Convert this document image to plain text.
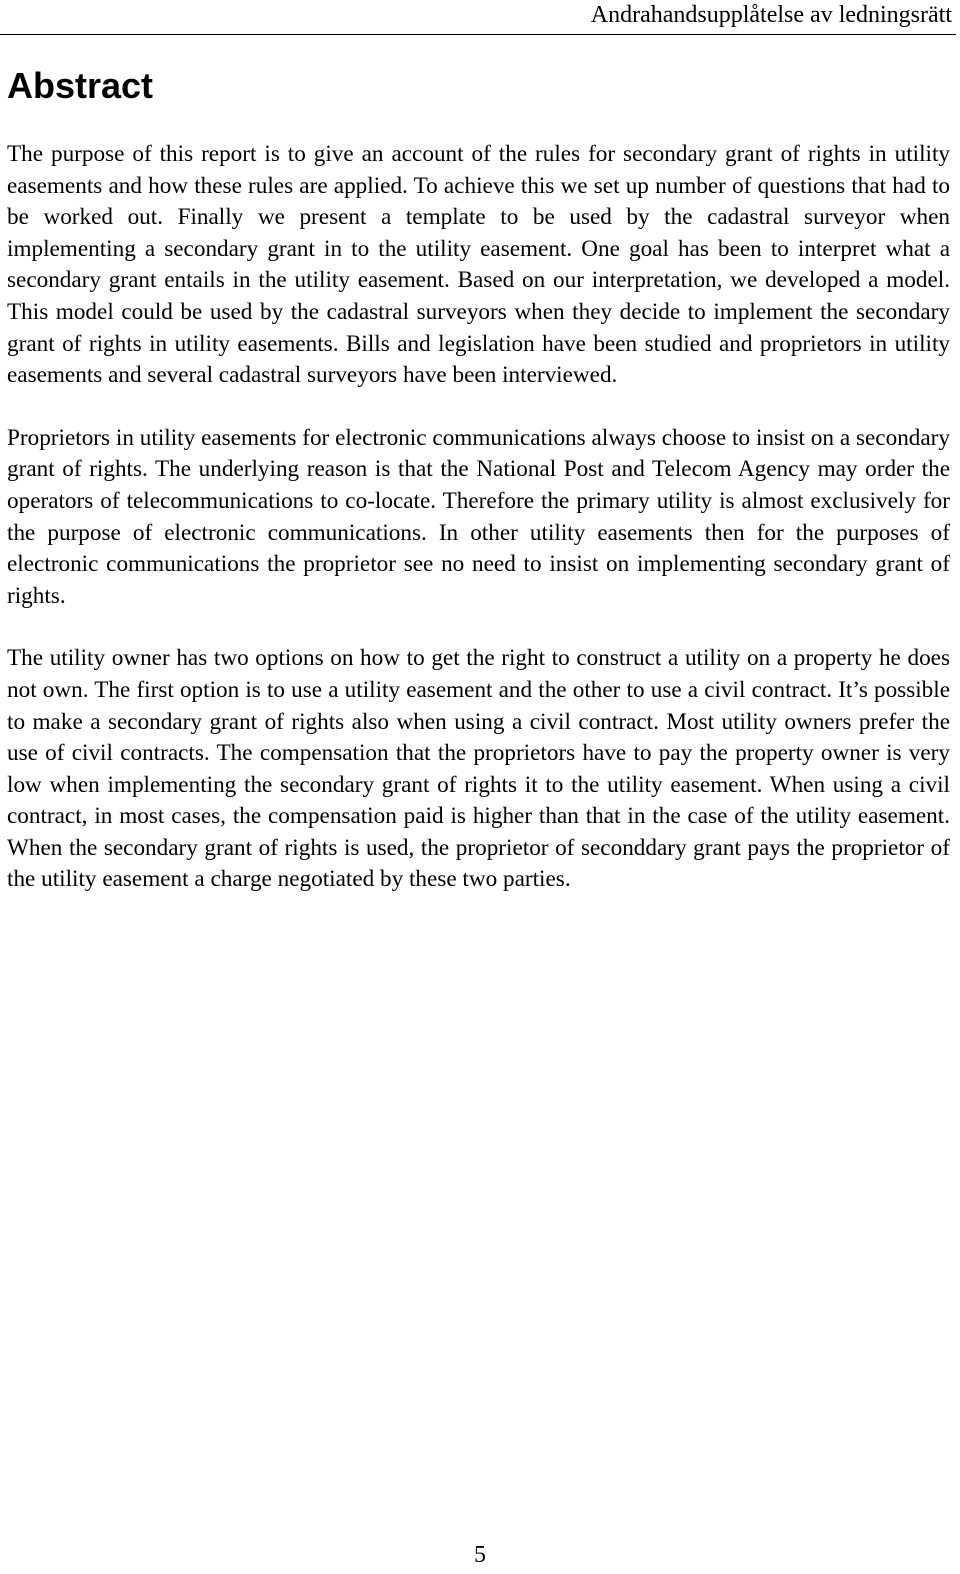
Andrahandsupplåtelse av ledningsrätt
Abstract

The purpose of this report is to give an account of the rules for secondary grant of rights in utility easements and how these rules are applied. To achieve this we set up number of questions that had to be worked out. Finally we present a template to be used by the cadastral surveyor when implementing a secondary grant in to the utility easement. One goal has been to interpret what a secondary grant entails in the utility easement. Based on our interpretation, we developed a model. This model could be used by the cadastral surveyors when they decide to implement the secondary grant of rights in utility easements. Bills and legislation have been studied and proprietors in utility easements and several cadastral surveyors have been interviewed.

Proprietors in utility easements for electronic communications always choose to insist on a secondary grant of rights. The underlying reason is that the National Post and Telecom Agency may order the operators of telecommunications to co-locate. Therefore the primary utility is almost exclusively for the purpose of electronic communications. In other utility easements then for the purposes of electronic communications the proprietor see no need to insist on implementing secondary grant of rights.

The utility owner has two options on how to get the right to construct a utility on a property he does not own. The first option is to use a utility easement and the other to use a civil contract. It’s possible to make a secondary grant of rights also when using a civil contract. Most utility owners prefer the use of civil contracts. The compensation that the proprietors have to pay the property owner is very low when implementing the secondary grant of rights it to the utility easement. When using a civil contract, in most cases, the compensation paid is higher than that in the case of the utility easement. When the secondary grant of rights is used, the proprietor of seconddary grant pays the proprietor of the utility easement a charge negotiated by these two parties.

5
